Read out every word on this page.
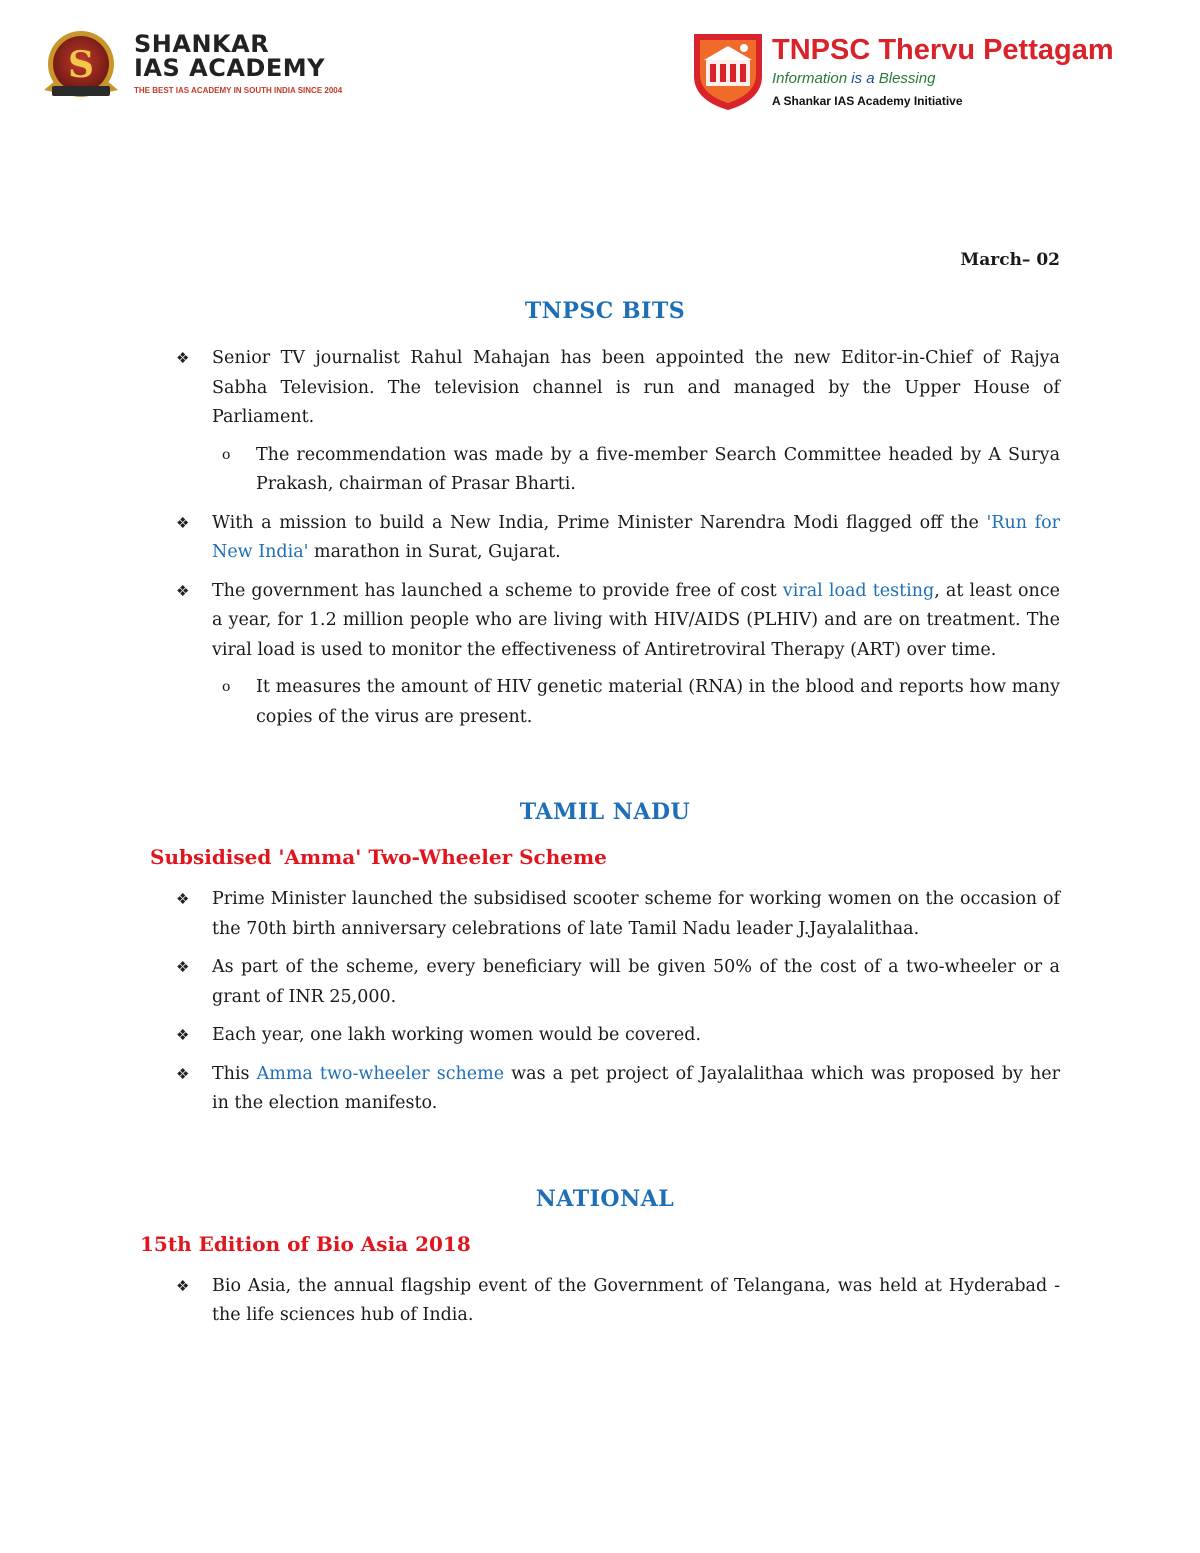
S SHANKAR
IAS ACADEMY
THE BEST IAS ACADEMY IN SOUTH INDIA SINCE 2004
TNPSC Thervu Pettagam
Information is a Blessing
A Shankar IAS Academy Initiative
March– 02
TNPSC BITS
❖ Senior TV journalist Rahul Mahajan has been appointed the new Editor-in-Chief of Rajya Sabha Television. The television channel is run and managed by the Upper House of Parliament.
o The recommendation was made by a five-member Search Committee headed by A Surya Prakash, chairman of Prasar Bharti.
❖ With a mission to build a New India, Prime Minister Narendra Modi flagged off the 'Run for New India' marathon in Surat, Gujarat.
❖ The government has launched a scheme to provide free of cost viral load testing, at least once a year, for 1.2 million people who are living with HIV/AIDS (PLHIV) and are on treatment. The viral load is used to monitor the effectiveness of Antiretroviral Therapy (ART) over time.
o It measures the amount of HIV genetic material (RNA) in the blood and reports how many copies of the virus are present.
TAMIL NADU
Subsidised 'Amma' Two-Wheeler Scheme
❖ Prime Minister launched the subsidised scooter scheme for working women on the occasion of the 70th birth anniversary celebrations of late Tamil Nadu leader J.Jayalalithaa.
❖ As part of the scheme, every beneficiary will be given 50% of the cost of a two-wheeler or a grant of INR 25,000.
❖ Each year, one lakh working women would be covered.
❖ This Amma two-wheeler scheme was a pet project of Jayalalithaa which was proposed by her in the election manifesto.
NATIONAL
15th Edition of Bio Asia 2018
❖ Bio Asia, the annual flagship event of the Government of Telangana, was held at Hyderabad - the life sciences hub of India.
